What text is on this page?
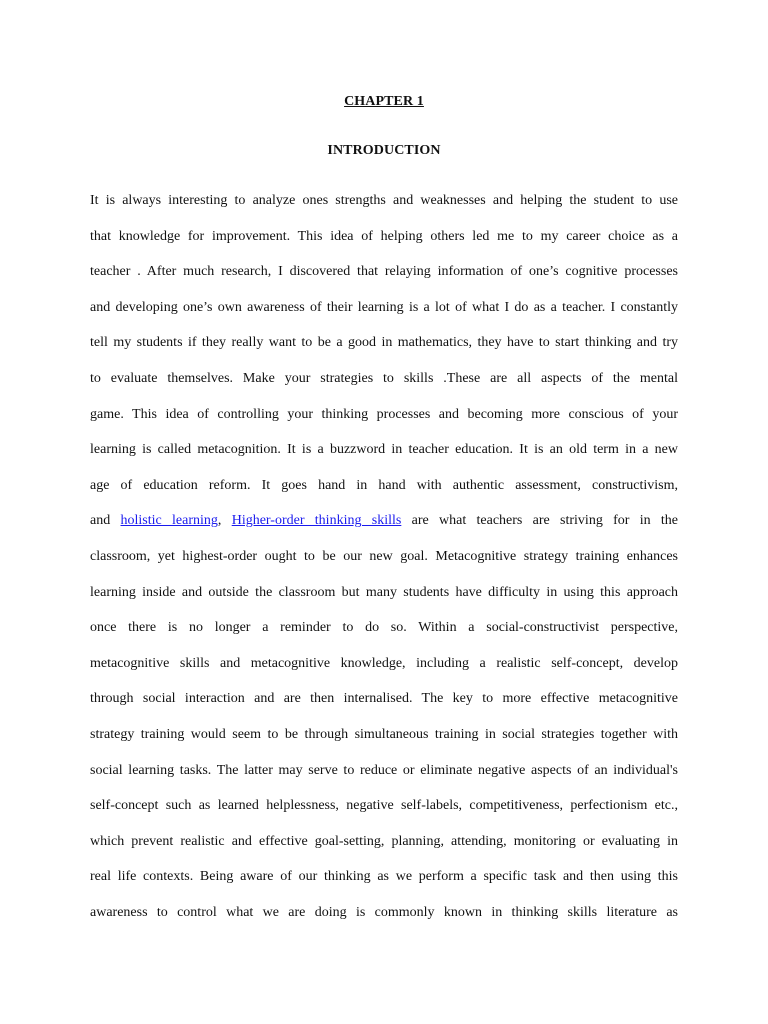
CHAPTER 1
INTRODUCTION
It is always interesting to analyze ones strengths and weaknesses and helping the student to use
that knowledge for improvement. This idea of helping others led me to my career choice as a
teacher . After much research, I discovered that relaying information of one’s cognitive processes
and developing one’s own awareness of their learning is a lot of what I do as a teacher. I constantly
tell my students if they really want to be a good in mathematics, they have to start thinking and try
to evaluate themselves. Make your strategies to skills .These are all aspects of the mental
game. This idea of controlling your thinking processes and becoming more conscious of your
learning is called metacognition. It is a buzzword in teacher education. It is an old term in a new
age of education reform. It goes hand in hand with authentic assessment, constructivism,
and holistic learning, Higher-order thinking skills are what teachers are striving for in the
classroom, yet highest-order ought to be our new goal. Metacognitive strategy training enhances
learning inside and outside the classroom but many students have difficulty in using this approach
once there is no longer a reminder to do so. Within a social-constructivist perspective,
metacognitive skills and metacognitive knowledge, including a realistic self-concept, develop
through social interaction and are then internalised. The key to more effective metacognitive
strategy training would seem to be through simultaneous training in social strategies together with
social learning tasks. The latter may serve to reduce or eliminate negative aspects of an individual's
self-concept such as learned helplessness, negative self-labels, competitiveness, perfectionism etc.,
which prevent realistic and effective goal-setting, planning, attending, monitoring or evaluating in
real life contexts. Being aware of our thinking as we perform a specific task and then using this
awareness to control what we are doing is commonly known in thinking skills literature as
